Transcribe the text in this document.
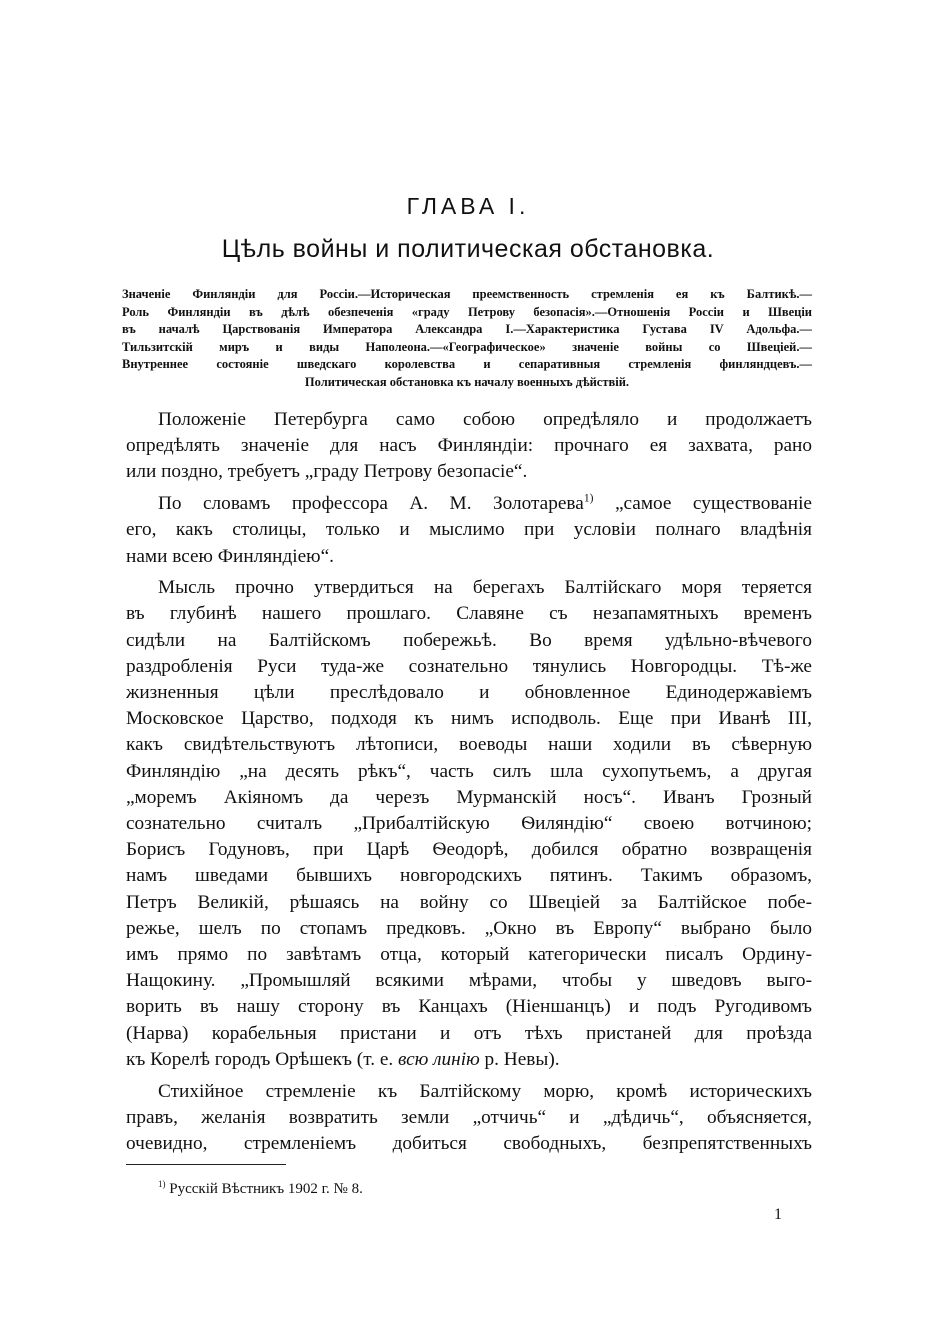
ГЛАВА I.
Цѣль войны и политическая обстановка.
Значеніе Финляндіи для Россіи.—Историческая преемственность стремленія ея къ Балтикѣ.—
Роль Финляндіи въ дѣлѣ обезпеченія «граду Петрову безопасія».—Отношенія Россіи и Швеціи
въ началѣ Царствованія Императора Александра I.—Характеристика Густава IV Адольфа.—
Тильзитскій миръ и виды Наполеона.—«Географическое» значеніе войны со Швеціей.—
Внутреннее состояніе шведскаго королевства и сепаративныя стремленія финляндцевъ.—
Политическая обстановка къ началу военныхъ дѣйствій.
Положеніе Петербурга само собою опредѣляло и продолжаетъ
опредѣлять значеніе для насъ Финляндіи: прочнаго ея захвата, рано
или поздно, требуетъ „граду Петрову безопасіе“.
По словамъ профессора А. М. Золотарева$^{1)}$ „самое существованіе
его, какъ столицы, только и мыслимо при условіи полнаго владѣнія
нами всею Финляндіею“.
Мысль прочно утвердиться на берегахъ Балтійскаго моря теряется
въ глубинѣ нашего прошлаго. Славяне съ незапамятныхъ временъ
сидѣли на Балтійскомъ побережьѣ. Во время удѣльно-вѣчевого
раздробленія Руси туда-же сознательно тянулись Новгородцы. Тѣ-же
жизненныя цѣли преслѣдовало и обновленное Единодержавіемъ
Московское Царство, подходя къ нимъ исподволь. Еще при Иванѣ III,
какъ свидѣтельствуютъ лѣтописи, воеводы наши ходили въ сѣверную
Финляндію „на десять рѣкъ“, часть силъ шла сухопутьемъ, а другая
„моремъ Акіяномъ да черезъ Мурманскій носъ“. Иванъ Грозный
сознательно считалъ „Прибалтійскую Ѳиляндію“ своею вотчиною;
Борисъ Годуновъ, при Царѣ Ѳеодорѣ, добился обратно возвращенія
намъ шведами бывшихъ новгородскихъ пятинъ. Такимъ образомъ,
Петръ Великій, рѣшаясь на войну со Швеціей за Балтійское побе-
режье, шелъ по стопамъ предковъ. „Окно въ Европу“ выбрано было
имъ прямо по завѣтамъ отца, который категорически писалъ Ордину-
Нащокину. „Промышляй всякими мѣрами, чтобы у шведовъ выго-
ворить въ нашу сторону въ Канцахъ (Ніеншанцъ) и подъ Ругодивомъ
(Нарва) корабельныя пристани и отъ тѣхъ пристаней для проѣзда
къ Корелѣ городъ Орѣшекъ (т. е. всю линію р. Невы).
Стихійное стремленіе къ Балтійскому морю, кромѣ историческихъ
правъ, желанія возвратить земли „отчичь“ и „дѣдичь“, объясняется,
очевидно, стремленіемъ добиться свободныхъ, безпрепятственныхъ
$^{1)}$ Русскій Вѣстникъ 1902 г. № 8.
1
